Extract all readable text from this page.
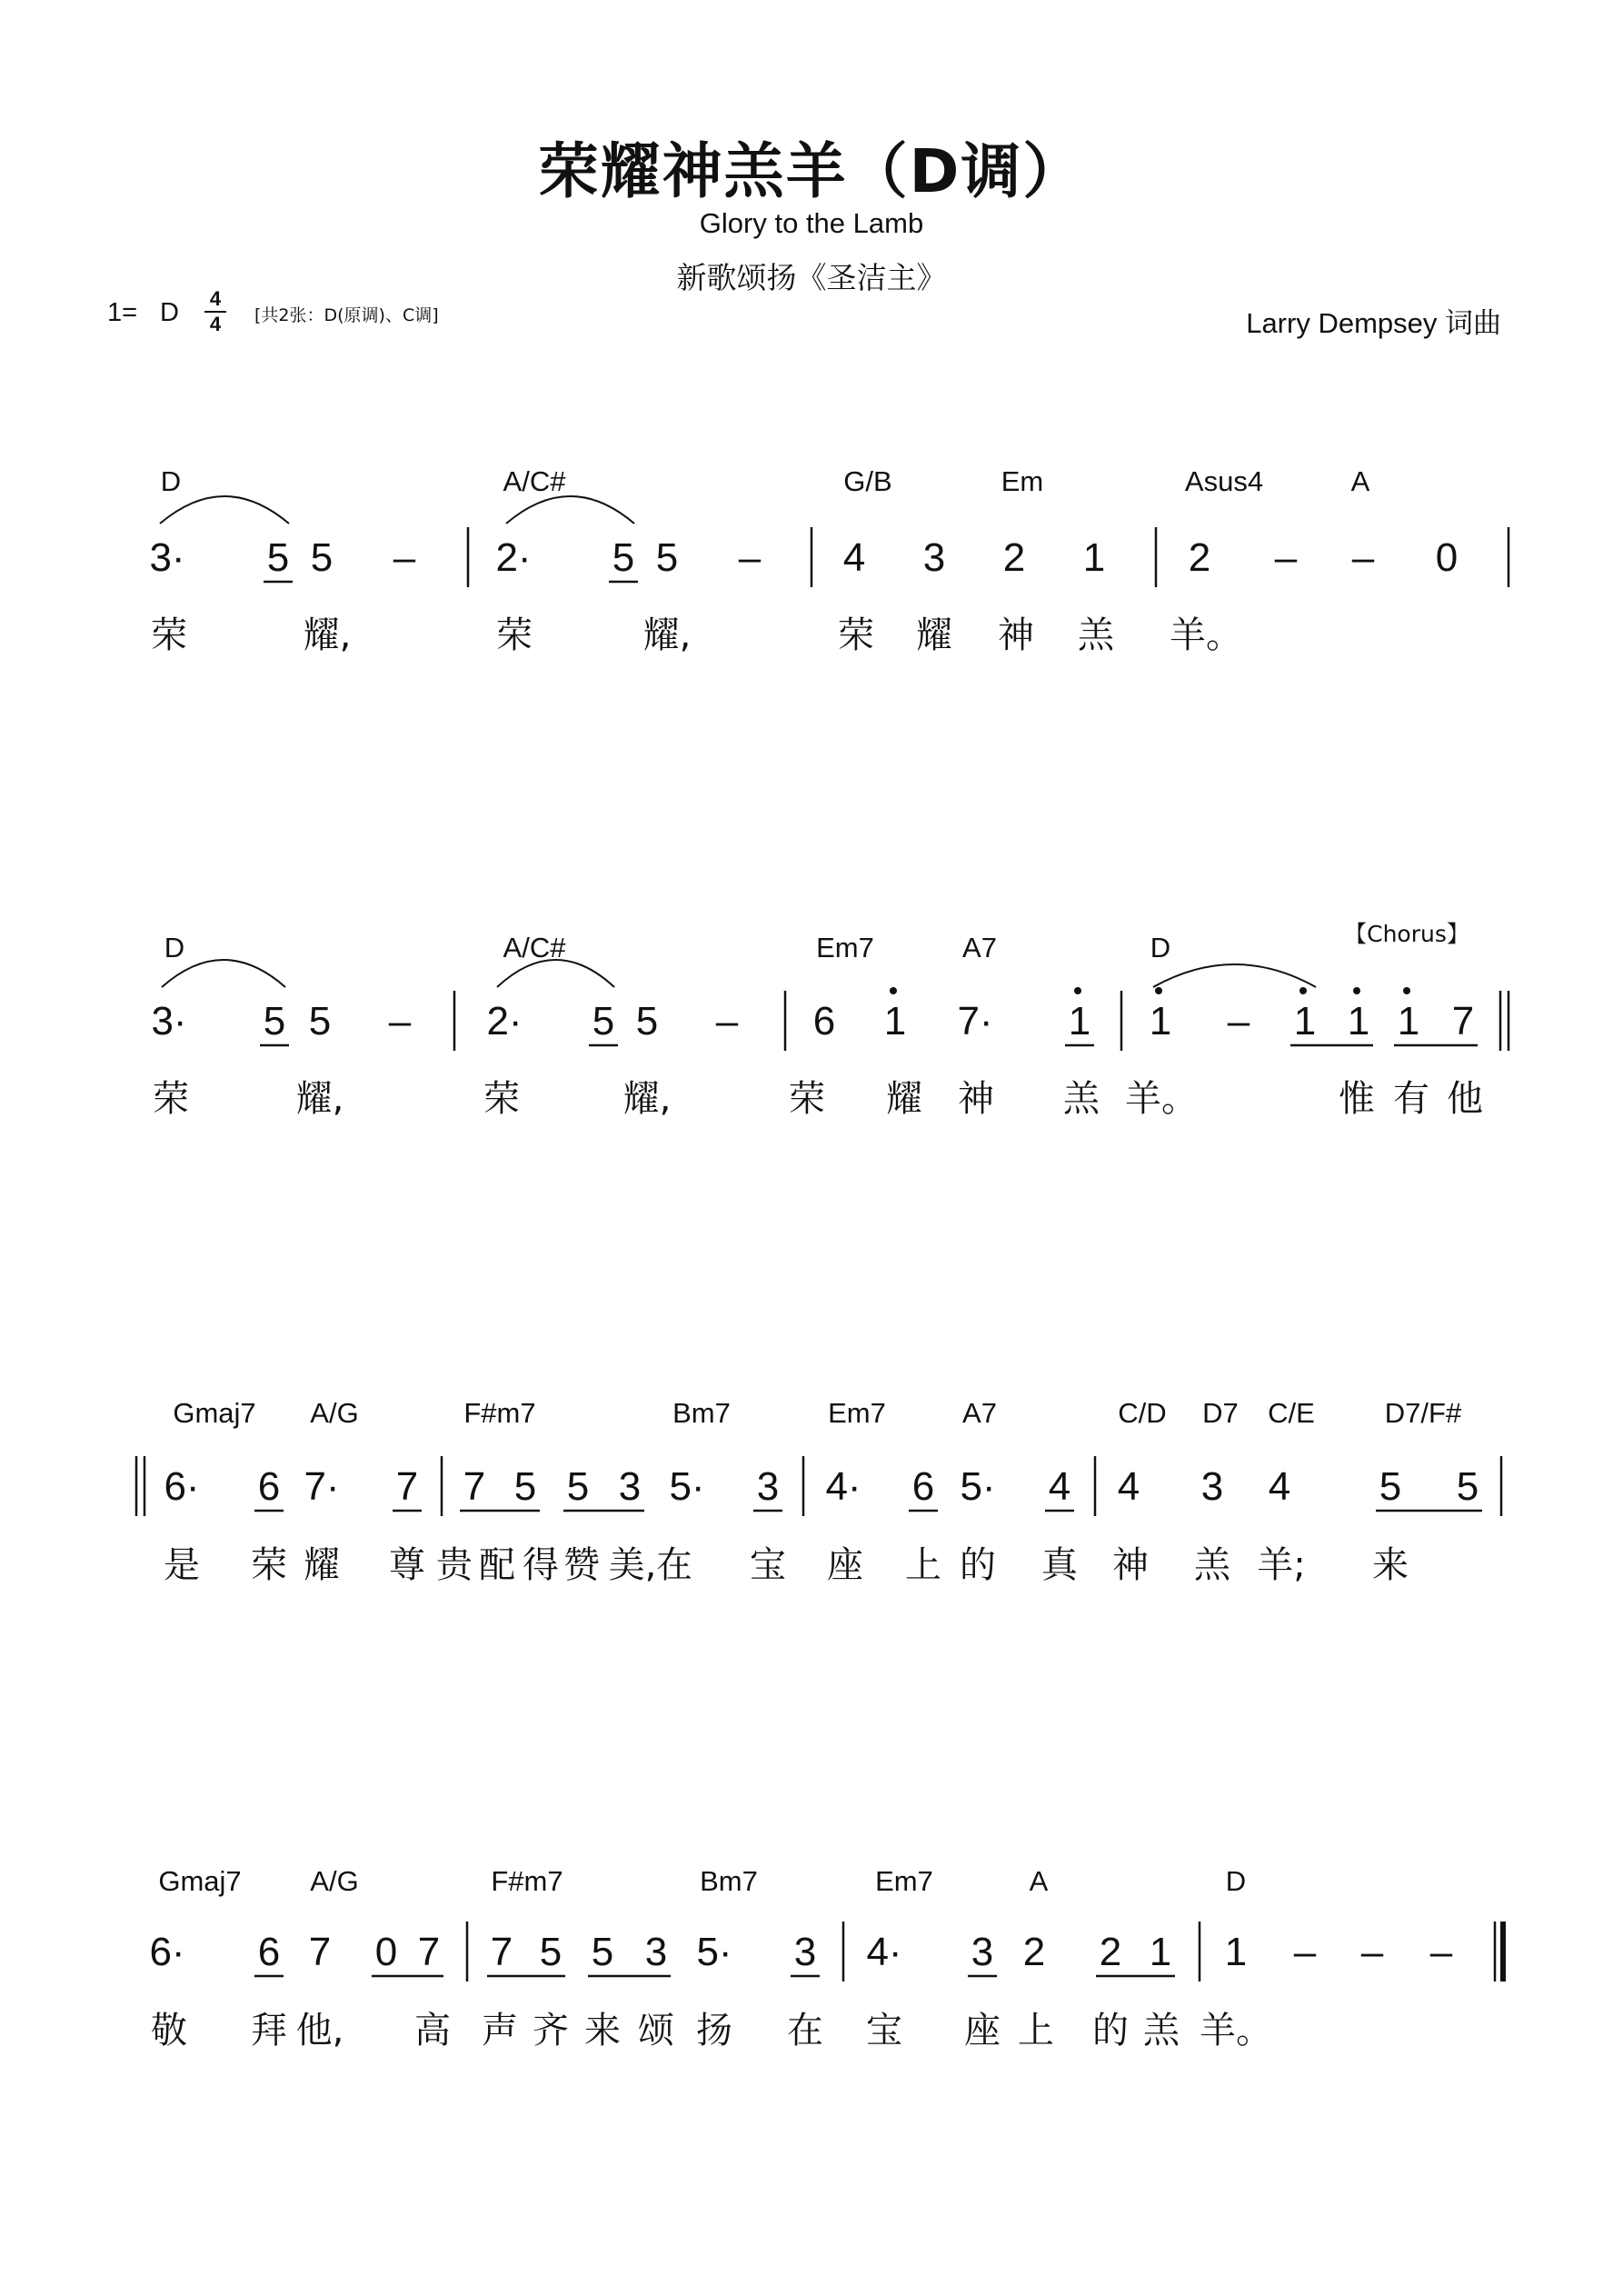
荣耀神羔羊（D调）
Glory to the Lamb
新歌颂扬《圣洁主》
1= D	4
4	[共2张：D(原调)、C调]	Larry Dempsey 词曲
D	A/C#	G/B	Em	Asus4	A
3· 5 5 – 2· 5 5 – 4 3 2 1 2 – – 0
荣	耀,	荣	耀,	荣 耀 神 羔 羊。
D	A/C#	Em7	A7	D	【Chorus】
3· 5 5 – 2· 5 5 – 6 1 7· 1 1 – 1 1 1 7
荣	耀,	荣	耀,	荣 耀 神 羔 羊。	惟 有 他
Gmaj7 A/G	F#m7	Bm7	Em7	A7	C/D D7 C/E D7/F#
6· 6 7· 7 7 5 5 3 5· 3 4· 6 5· 4 4 3 4 5 5
是 荣 耀 尊 贵 配 得 赞 美, 在 宝 座 上 的 真 神 羔 羊; 来
Gmaj7 A/G	F#m7	Bm7	Em7	A	D
6· 6 7 0 7 7 5 5 3 5· 3 4· 3 2 2 1 1 – – –
敬 拜 他, 高 声 齐 来 颂 扬 在 宝 座 上 的 羔 羊。
